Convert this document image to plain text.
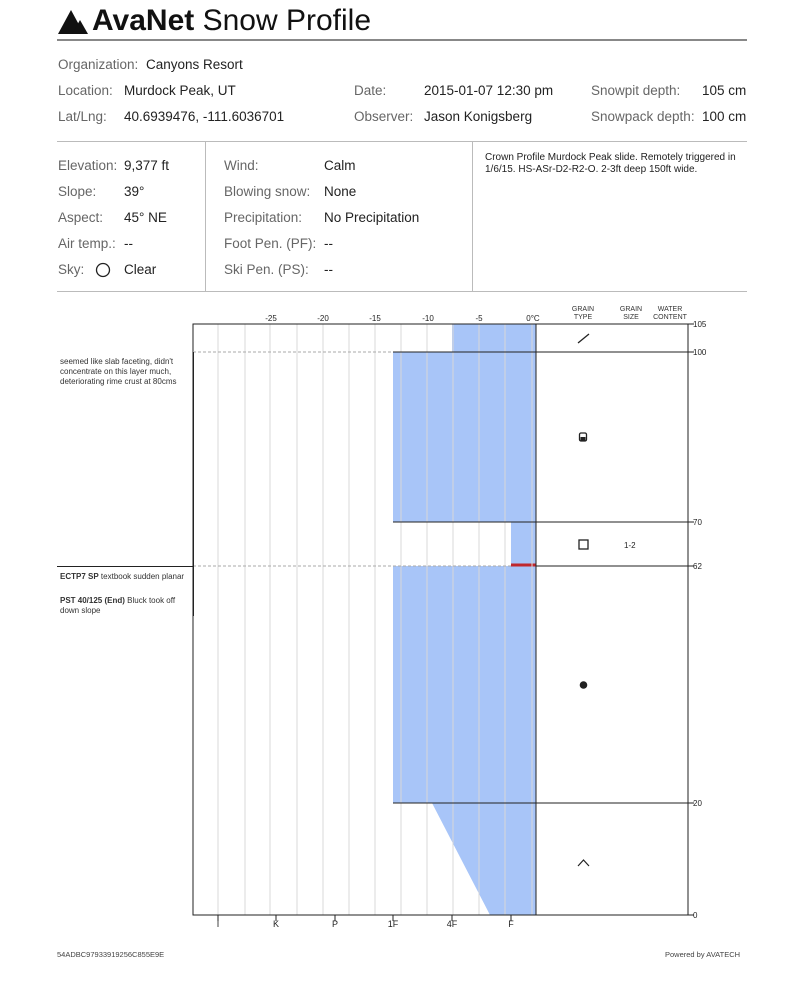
AvaNet Snow Profile
Organization: Canyons Resort
Location: Murdock Peak, UT	Date:	2015-01-07 12:30 pm	Snowpit depth: 105 cm
Lat/Lng: 40.6939476, -111.6036701	Observer: Jason Konigsberg	Snowpack depth: 100 cm
Elevation: 9,377 ft
Slope: 39°
Aspect: 45° NE
Air temp.: --
Sky:	Clear
Wind:	Calm
Blowing snow: None
Precipitation: No Precipitation
Foot Pen. (PF): --
Ski Pen. (PS): --
Crown Profile Murdock Peak slide. Remotely triggered in 1/6/15. HS-ASr-D2-R2-O. 2-3ft deep 150ft wide.
105
100
70
62
20
0
-25	-20	-15	-10	-5	0°C
I	K	P	1F	4F	F
1-2
GRAIN TYPE
GRAIN SIZE
WATER CONTENT
seemed like slab faceting, didn't concentrate on this layer much, deteriorating rime crust at 80cms
ECTP7 SP textbook sudden planar
PST 40/125 (End) Bluck took off down slope
54ADBC97933919256C855E9E	Powered by AVATECH
